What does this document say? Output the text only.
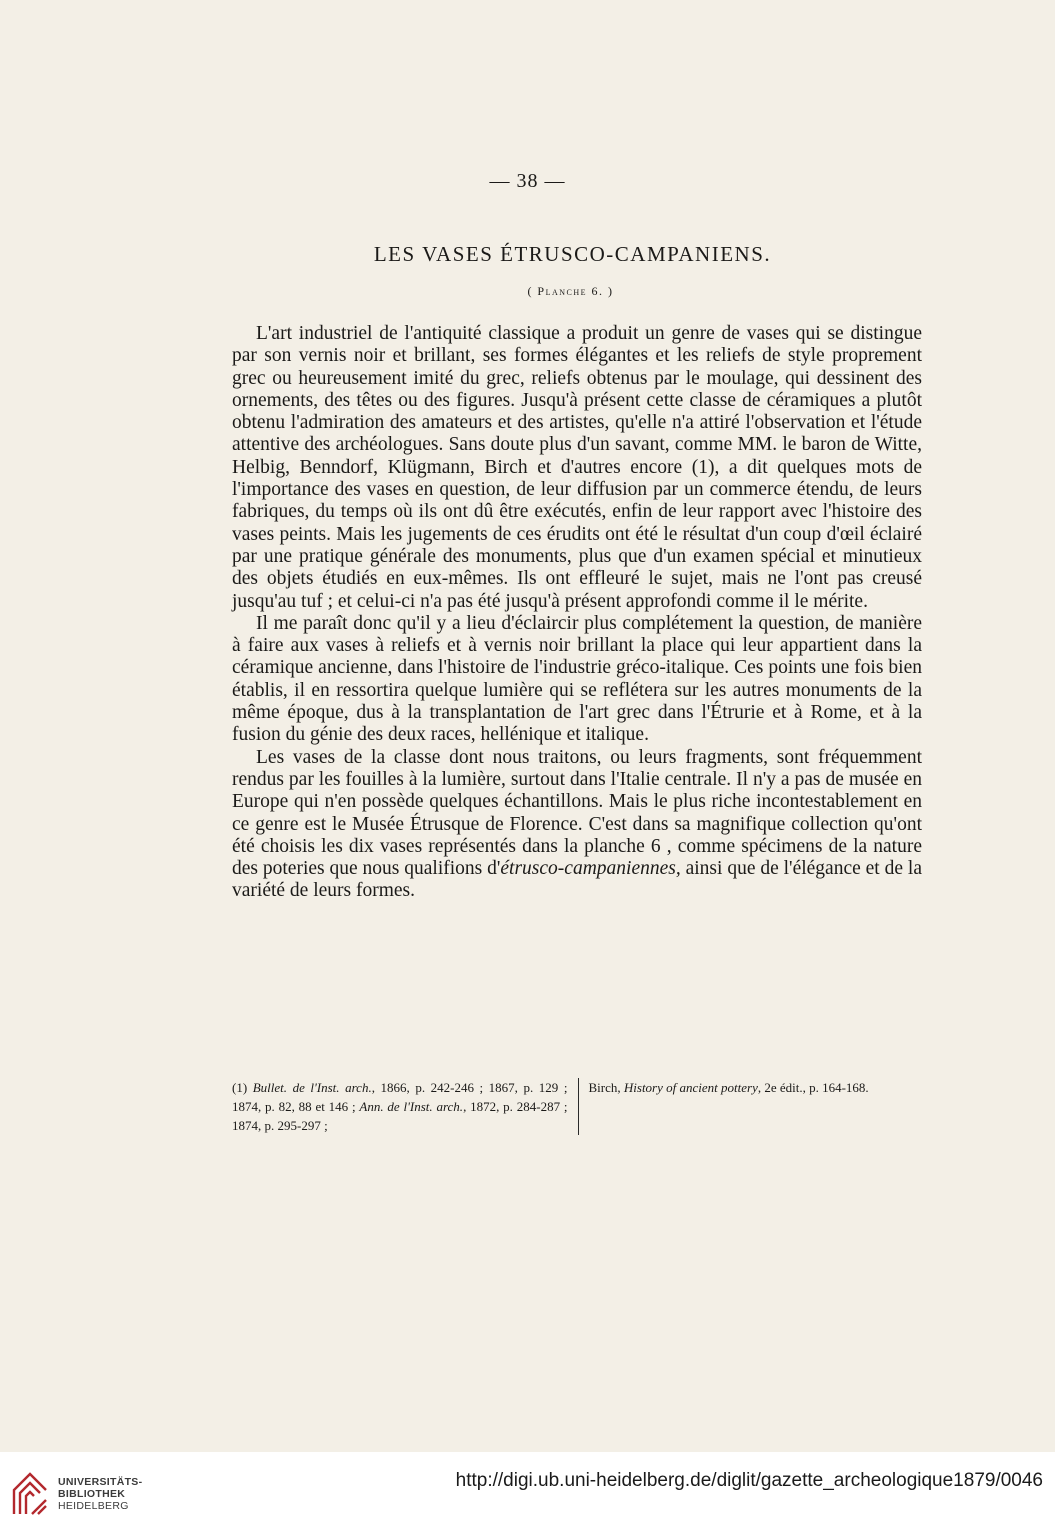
— 38 —
LES VASES ÉTRUSCO-CAMPANIENS.
( Planche 6. )

L'art industriel de l'antiquité classique a produit un genre de vases qui se distingue par son vernis noir et brillant, ses formes élégantes et les reliefs de style proprement grec ou heureusement imité du grec, reliefs obtenus par le moulage, qui dessinent des ornements, des têtes ou des figures. Jusqu'à présent cette classe de céramiques a plutôt obtenu l'admiration des amateurs et des artistes, qu'elle n'a attiré l'observation et l'étude attentive des archéologues. Sans doute plus d'un savant, comme MM. le baron de Witte, Helbig, Benndorf, Klügmann, Birch et d'autres encore (1), a dit quelques mots de l'importance des vases en question, de leur diffusion par un commerce étendu, de leurs fabriques, du temps où ils ont dû être exécutés, enfin de leur rapport avec l'histoire des vases peints. Mais les jugements de ces érudits ont été le résultat d'un coup d'œil éclairé par une pratique générale des monuments, plus que d'un examen spécial et minutieux des objets étudiés en eux-mêmes. Ils ont effleuré le sujet, mais ne l'ont pas creusé jusqu'au tuf ; et celui-ci n'a pas été jusqu'à présent approfondi comme il le mérite.

Il me paraît donc qu'il y a lieu d'éclaircir plus complétement la question, de manière à faire aux vases à reliefs et à vernis noir brillant la place qui leur appartient dans la céramique ancienne, dans l'histoire de l'industrie gréco-italique. Ces points une fois bien établis, il en ressortira quelque lumière qui se reflétera sur les autres monuments de la même époque, dus à la transplantation de l'art grec dans l'Étrurie et à Rome, et à la fusion du génie des deux races, hellénique et italique.

Les vases de la classe dont nous traitons, ou leurs fragments, sont fréquemment rendus par les fouilles à la lumière, surtout dans l'Italie centrale. Il n'y a pas de musée en Europe qui n'en possède quelques échantillons. Mais le plus riche incontestablement en ce genre est le Musée Étrusque de Florence. C'est dans sa magnifique collection qu'ont été choisis les dix vases représentés dans la planche 6 , comme spécimens de la nature des poteries que nous qualifions d'étrusco-campaniennes, ainsi que de l'élégance et de la variété de leurs formes.

(1) Bullet. de l'Inst. arch., 1866, p. 242-246 ; 1867, p. 129 ; 1874, p. 82, 88 et 146 ; Ann. de l'Inst. arch., 1872, p. 284-287 ; 1874, p. 295-297 ;
Birch, History of ancient pottery, 2e édit., p. 164-168.
UNIVERSITÄTS-
BIBLIOTHEK
HEIDELBERG
http://digi.ub.uni-heidelberg.de/diglit/gazette_archeologique1879/0046
